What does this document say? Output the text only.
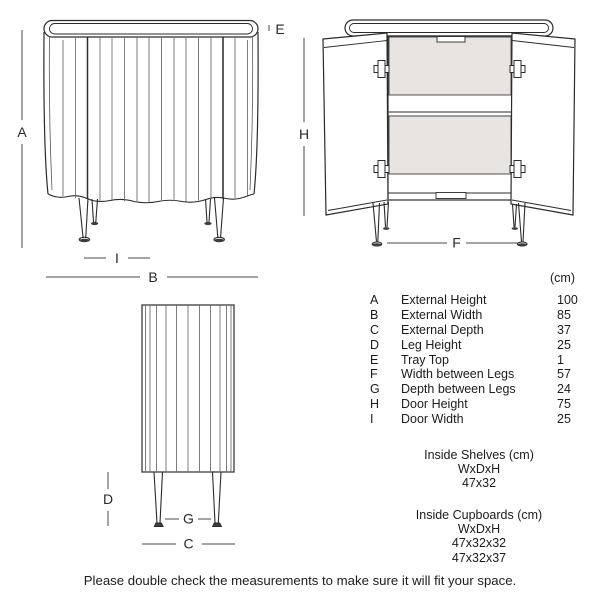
A
E
I
B
H
F
D
G
C
(cm)
A	External Height	100
B	External Width	85
C	External Depth	37
D	Leg Height	25
E	Tray Top	1
F	Width between Legs	57
G	Depth between Legs	24
H	Door Height	75
I	Door Width	25
Inside Shelves (cm)
WxDxH
47x32
Inside Cupboards (cm)
WxDxH
47x32x32
47x32x37
Please double check the measurements to make sure it will fit your space.
